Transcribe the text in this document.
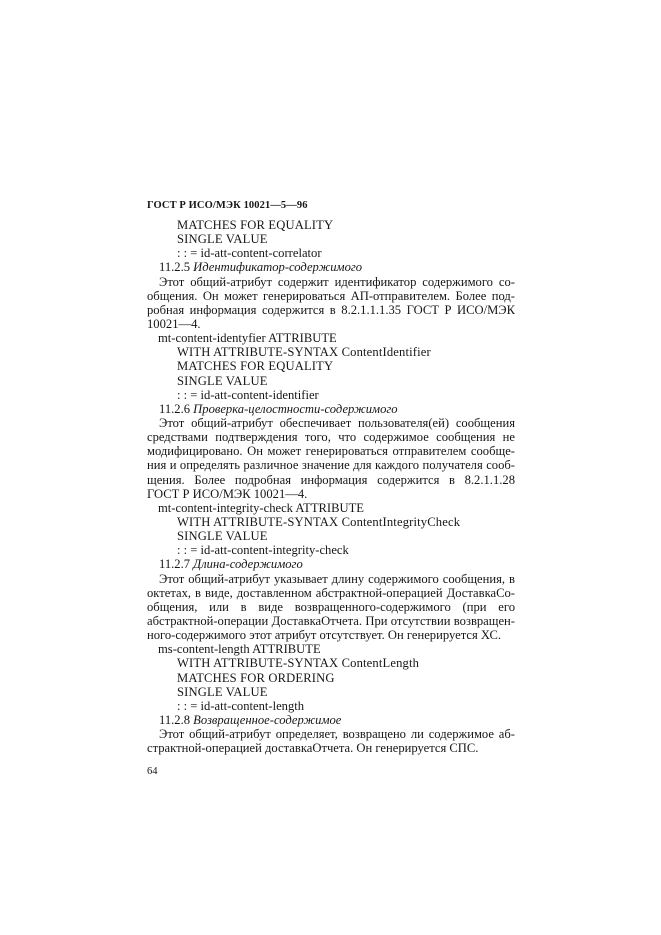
ГОСТ Р ИСО/МЭК 10021—5—96
MATCHES FOR EQUALITY
SINGLE VALUE
: : = id-att-content-correlator
11.2.5 Идентификатор-содержимого
Этот общий-атрибут содержит идентификатор содержимого со-
общения. Он может генерироваться АП-отправителем. Более под-
робная информация содержится в 8.2.1.1.1.35 ГОСТ Р ИСО/МЭК
10021—4.
mt-content-identyfier ATTRIBUTE
WITH ATTRIBUTE-SYNTAX ContentIdentifier
MATCHES FOR EQUALITY
SINGLE VALUE
: : = id-att-content-identifier
11.2.6 Проверка-целостности-содержимого
Этот общий-атрибут обеспечивает пользователя(ей) сообщения
средствами подтверждения того, что содержимое сообщения не
модифицировано. Он может генерироваться отправителем сообще-
ния и определять различное значение для каждого получателя сооб-
щения. Более подробная информация содержится в 8.2.1.1.28
ГОСТ Р ИСО/МЭК 10021—4.
mt-content-integrity-check ATTRIBUTE
WITH ATTRIBUTE-SYNTAX ContentIntegrityCheck
SINGLE VALUE
: : = id-att-content-integrity-check
11.2.7 Длина-содержимого
Этот общий-атрибут указывает длину содержимого сообщения, в
октетах, в виде, доставленном абстрактной-операцией ДоставкаСо-
общения, или в виде возвращенного-содержимого (при его
абстрактной-операции ДоставкаОтчета. При отсутствии возвращен-
ного-содержимого этот атрибут отсутствует. Он генерируется ХС.
ms-content-length ATTRIBUTE
WITH ATTRIBUTE-SYNTAX ContentLength
MATCHES FOR ORDERING
SINGLE VALUE
: : = id-att-content-length
11.2.8 Возвращенное-содержимое
Этот общий-атрибут определяет, возвращено ли содержимое аб-
страктной-операцией доставкаОтчета. Он генерируется СПС.
64
